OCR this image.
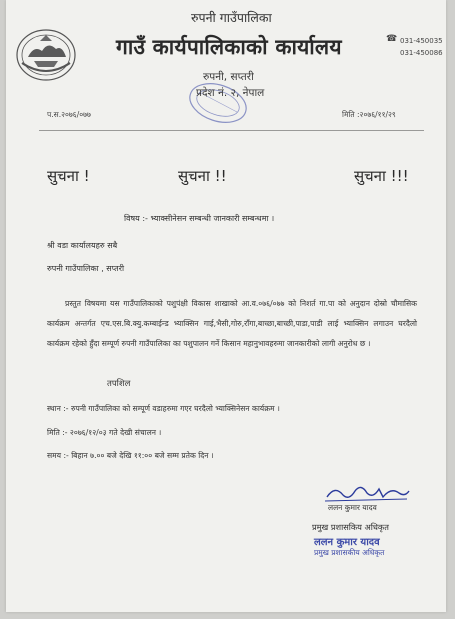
रुपनी गाउँपालिका
गाउँ कार्यपालिकाको कार्यालय	☎ 031-450035
031-450086
रुपनी, सप्तरी
प्रदेश नं. २, नेपाल
प.स.२०७६/०७७	मिति :२०७६/११/२९
सुचना !	सुचना !!	सुचना !!!
विषय :- भ्याक्सीनेसन सम्बन्धी जानकारी सम्बन्धमा ।
श्री वडा कार्यालयहरु सबै
रुपनी गाउँपालिका , सप्तरी
प्रस्तुत विषयमा यस गाउँपालिकाको पशुपंक्षी विकास शाखाको आ.व.०७६/०७७ को निशर्त गा.पा को अनुदान दोस्रो चौमासिक कार्यक्रम अन्तर्गत एच.एस.बि.क्यु.कम्बाईन्ड भ्याक्सिन गाई,भैसी,गोरु,राँगा,बाच्छा,बाच्छी,पाडा,पाडी लाई भ्याक्सिन लगाउन घरदैलो कार्यक्रम रहेको हुँदा सम्पूर्ण रुपनी गाउँपालिका का पशुपालन गर्ने किसान महानुभावहरुमा जानकारीको लागी अनुरोध छ ।
तपशिल
स्थान :- रुपनी गाउँपालिका को सम्पूर्ण वडाहरुमा गएर घरदैलो भ्याक्सिनेसन कार्यक्रम ।
मिति :- २०७६/१२/०३ गते देखी संचालन ।
समय :- बिहान ७.०० बजे देखि ११:०० बजे सम्म प्रतेक दिन ।
ललन कुमार यादव
प्रमुख प्रशासकिय अधिकृत
ललन कुमार यादव
प्रमुख प्रशासकीय अधिकृत
